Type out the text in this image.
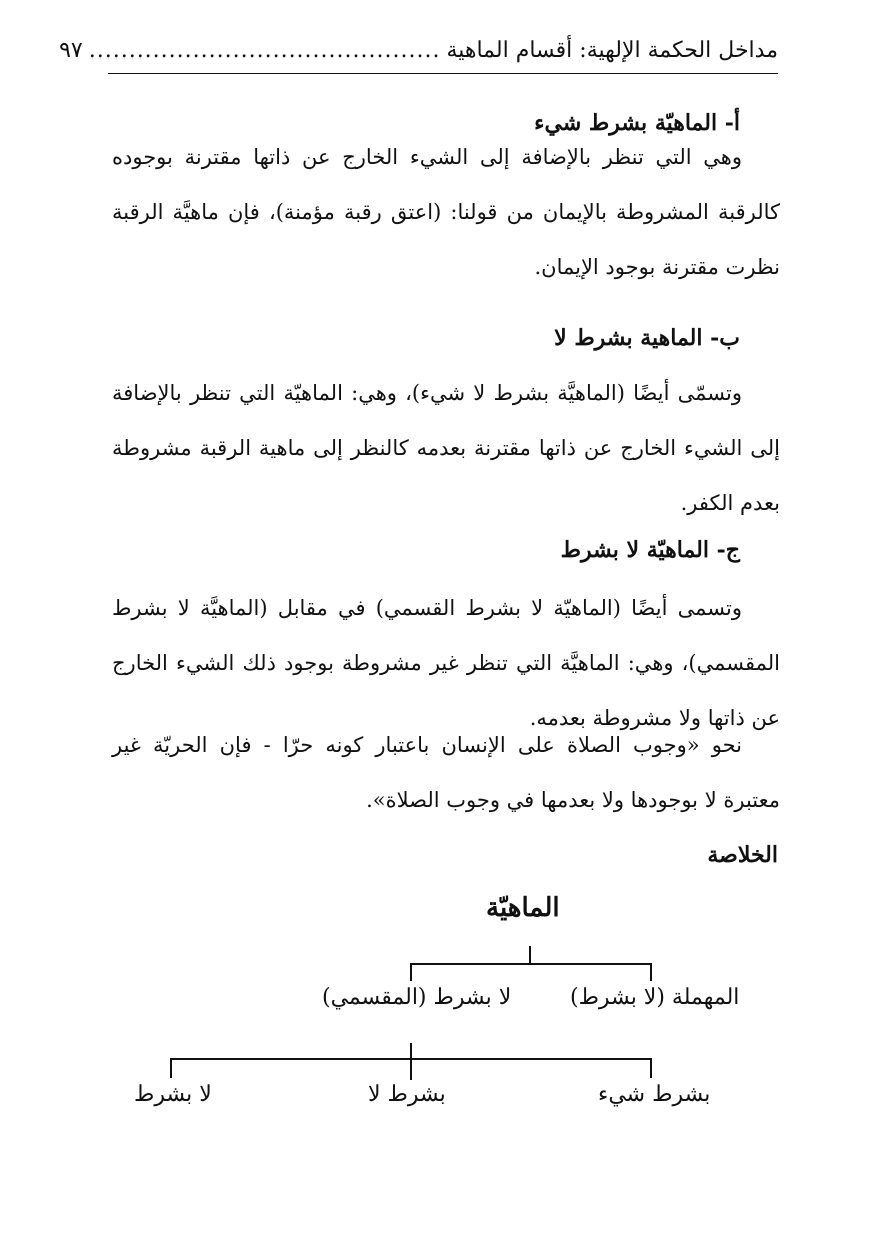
مداخل الحكمة الإلهية: أقسام الماهية
............................................
٩٧
أ- الماهيّة بشرط شيء

وهي التي تنظر بالإضافة إلى الشيء الخارج عن ذاتها مقترنة بوجوده كالرقبة المشروطة بالإيمان من قولنا: (اعتق رقبة مؤمنة)، فإن ماهيَّة الرقبة نظرت مقترنة بوجود الإيمان.

ب- الماهية بشرط لا

وتسمّى أيضًا (الماهيَّة بشرط لا شيء)، وهي: الماهيّة التي تنظر بالإضافة إلى الشيء الخارج عن ذاتها مقترنة بعدمه كالنظر إلى ماهية الرقبة مشروطة بعدم الكفر.

ج- الماهيّة لا بشرط

وتسمى أيضًا (الماهيّة لا بشرط القسمي) في مقابل (الماهيَّة لا بشرط المقسمي)، وهي: الماهيَّة التي تنظر غير مشروطة بوجود ذلك الشيء الخارج عن ذاتها ولا مشروطة بعدمه.

نحو «وجوب الصلاة على الإنسان باعتبار كونه حرّا - فإن الحريّة غير معتبرة لا بوجودها ولا بعدمها في وجوب الصلاة».

الخلاصة
الماهيّة
المهملة (لا بشرط)
لا بشرط (المقسمي)
بشرط شيء
بشرط لا
لا بشرط
